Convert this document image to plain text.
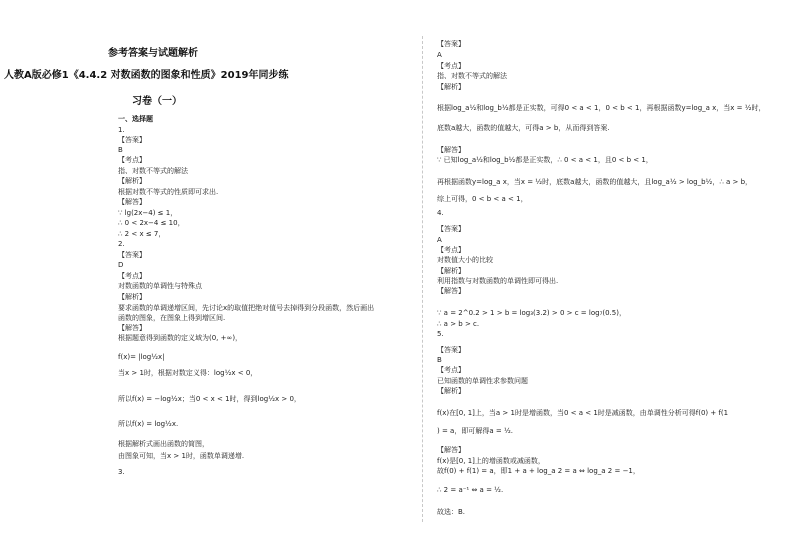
参考答案与试题解析
人教A版必修1《4.4.2 对数函数的图象和性质》2019年同步练
习卷（一）
一、选择题
1.
【答案】
B
【考点】
指、对数不等式的解法
【解析】
根据对数不等式的性质即可求出.
【解答】
∵ lg(2x−4) ≤ 1，
∴ 0 < 2x−4 ≤ 10，
∴ 2 < x ≤ 7，
2.
【答案】
D
【考点】
对数函数的单调性与特殊点
【解析】
要求函数的单调递增区间，先讨论x的取值把绝对值号去掉得到分段函数，然后画出
函数的图象，在图象上得到增区间.
【解答】
根据题意得到函数的定义域为(0, +∞)，
f(x)= |log½x|
当x > 1时，根据对数定义得：log½x < 0，
所以f(x) = −log½x；当0 < x < 1时，得到log½x > 0，
所以f(x) = log½x.
根据解析式画出函数的简图，
由图象可知，当x > 1时，函数单调递增.
3.
【答案】
A
【考点】
指、对数不等式的解法
【解析】
根据log_a½和log_b½都是正实数，可得0 < a < 1，0 < b < 1，再根据函数y=log_a x，当x = ½时，
底数a越大，函数的值越大，可得a > b，从而得到答案.
【解答】
∵ 已知log_a½和log_b½都是正实数，∴ 0 < a < 1，且0 < b < 1，
再根据函数y=log_a x，当x = ½时，底数a越大，函数的值越大，且log_a½ > log_b½，∴ a > b，
综上可得，0 < b < a < 1，
4.
【答案】
A
【考点】
对数值大小的比较
【解析】
利用指数与对数函数的单调性即可得出.
【解答】
∵ a = 2^0.2 > 1 > b = log₃(3.2) > 0 > c = log₇(0.5)，
∴ a > b > c.
5.
【答案】
B
【考点】
已知函数的单调性求参数问题
【解析】
f(x)在[0, 1]上，当a > 1时是增函数，当0 < a < 1时是减函数，由单调性分析可得f(0) + f(1
) = a，即可解得a = ½.
【解答】
f(x)是[0, 1]上的增函数或减函数，
故f(0) + f(1) = a，即1 + a + log_a 2 = a ⇔ log_a 2 = −1，
∴ 2 = a⁻¹ ⇔ a = ½.
故选：B.
